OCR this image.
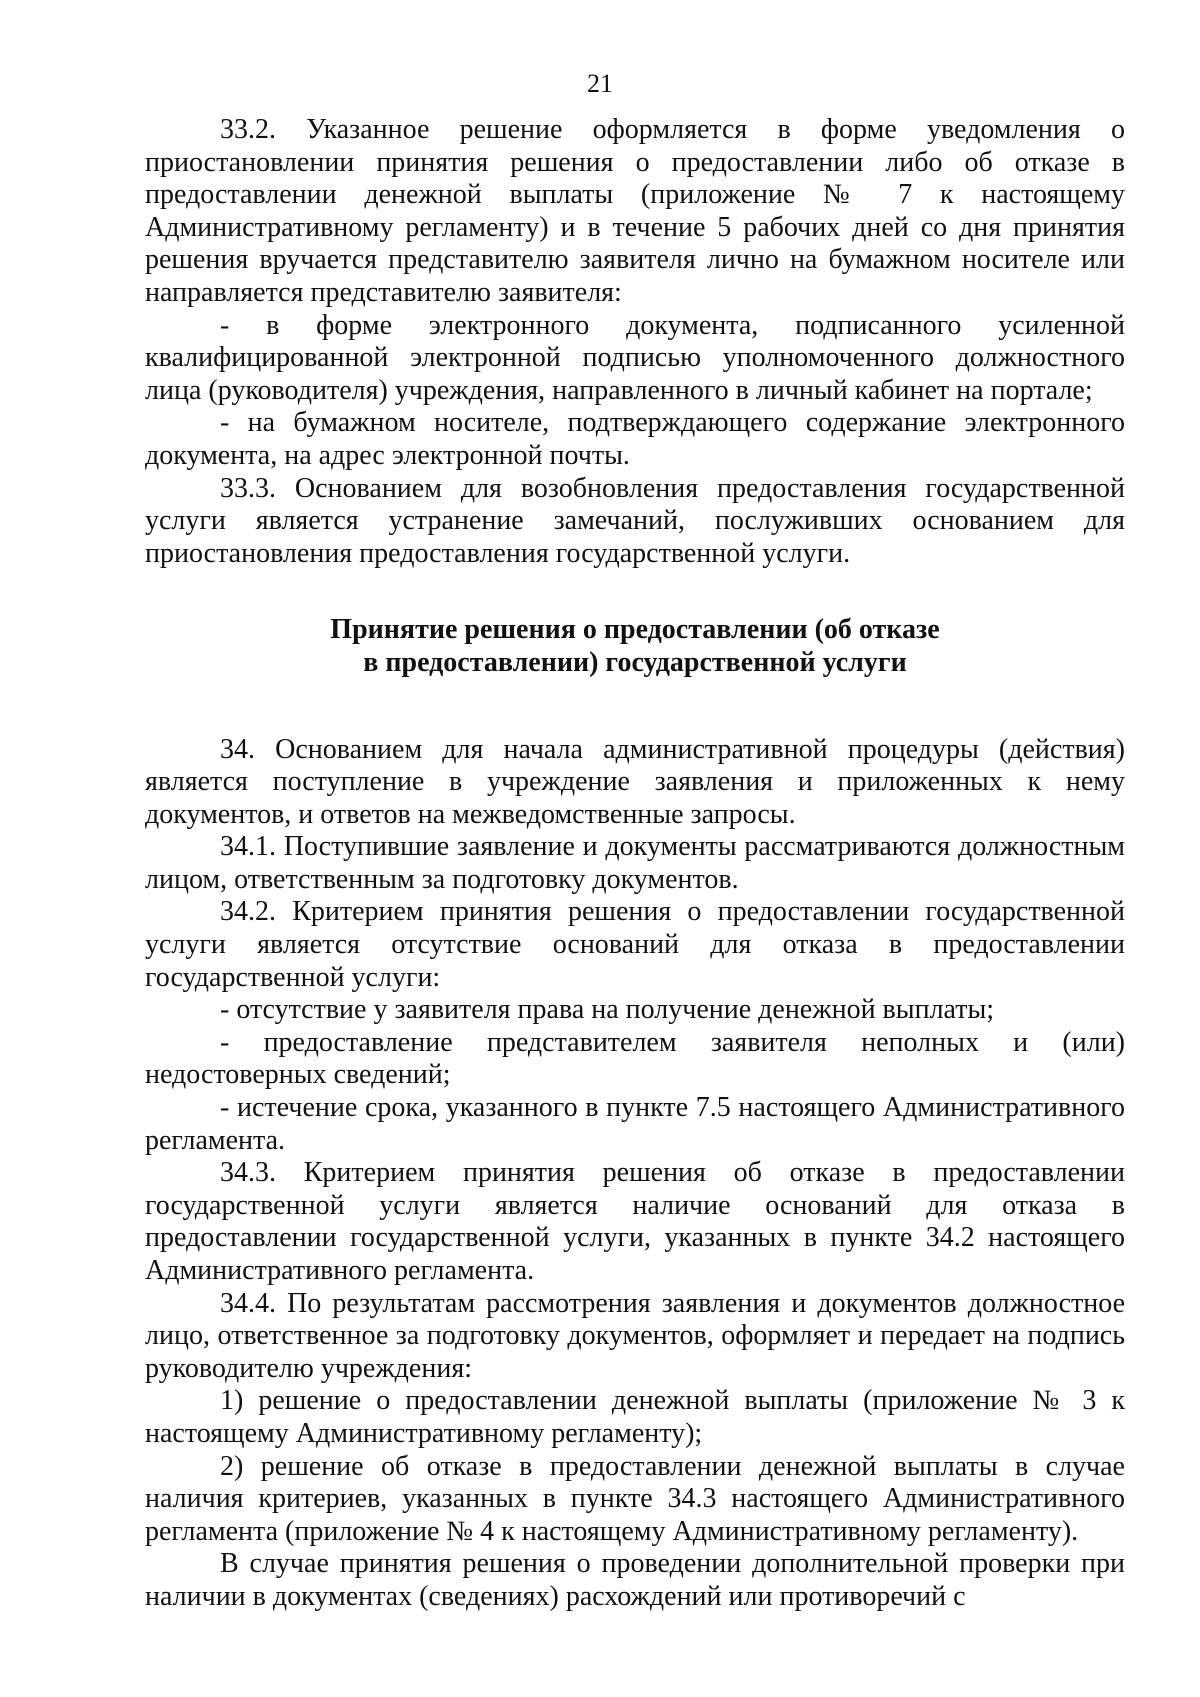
21

33.2. Указанное решение оформляется в форме уведомления о приостановлении принятия решения о предоставлении либо об отказе в предоставлении денежной выплаты (приложение № 7 к настоящему Административному регламенту) и в течение 5 рабочих дней со дня принятия решения вручается представителю заявителя лично на бумажном носителе или направляется представителю заявителя:

- в форме электронного документа, подписанного усиленной квалифицированной электронной подписью уполномоченного должностного лица (руководителя) учреждения, направленного в личный кабинет на портале;

- на бумажном носителе, подтверждающего содержание электронного документа, на адрес электронной почты.

33.3. Основанием для возобновления предоставления государственной услуги является устранение замечаний, послуживших основанием для приостановления предоставления государственной услуги.

Принятие решения о предоставлении (об отказе
в предоставлении) государственной услуги

34. Основанием для начала административной процедуры (действия) является поступление в учреждение заявления и приложенных к нему документов, и ответов на межведомственные запросы.

34.1. Поступившие заявление и документы рассматриваются должностным лицом, ответственным за подготовку документов.

34.2. Критерием принятия решения о предоставлении государственной услуги является отсутствие оснований для отказа в предоставлении государственной услуги:

- отсутствие у заявителя права на получение денежной выплаты;

- предоставление представителем заявителя неполных и (или) недостоверных сведений;

- истечение срока, указанного в пункте 7.5 настоящего Административного регламента.

34.3. Критерием принятия решения об отказе в предоставлении государственной услуги является наличие оснований для отказа в предоставлении государственной услуги, указанных в пункте 34.2 настоящего Административного регламента.

34.4. По результатам рассмотрения заявления и документов должностное лицо, ответственное за подготовку документов, оформляет и передает на подпись руководителю учреждения:

1) решение о предоставлении денежной выплаты (приложение № 3 к настоящему Административному регламенту);

2) решение об отказе в предоставлении денежной выплаты в случае наличия критериев, указанных в пункте 34.3 настоящего Административного регламента (приложение № 4 к настоящему Административному регламенту).

В случае принятия решения о проведении дополнительной проверки при наличии в документах (сведениях) расхождений или противоречий с
